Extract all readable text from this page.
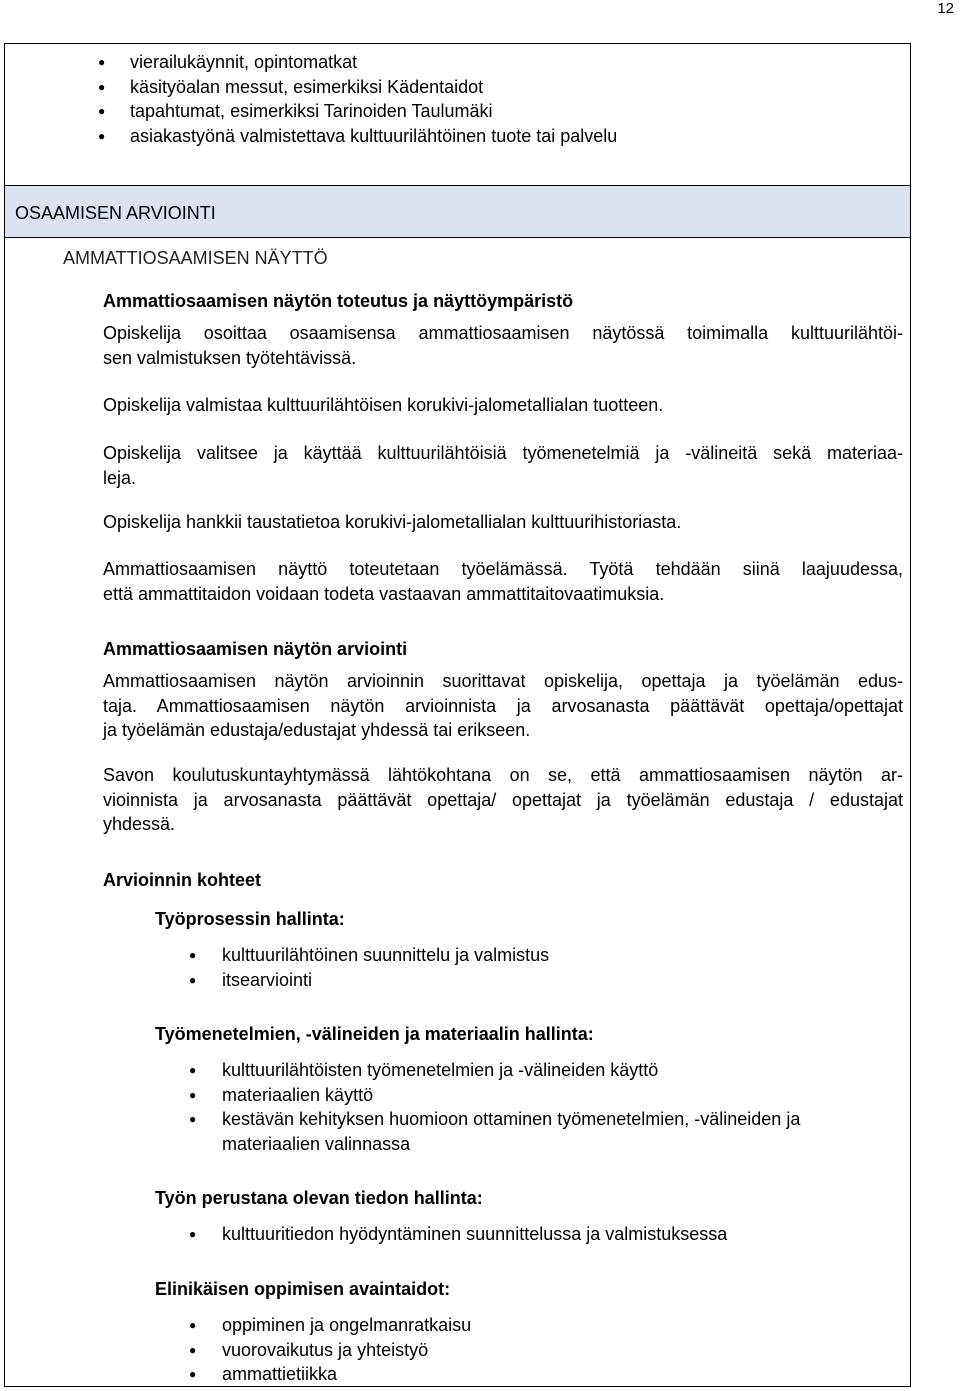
12
● vierailukäynnit, opintomatkat
● käsityöalan messut, esimerkiksi Kädentaidot
● tapahtumat, esimerkiksi Tarinoiden Taulumäki
● asiakastyönä valmistettava kulttuurilähtöinen tuote tai palvelu
OSAAMISEN ARVIOINTI
AMMATTIOSAAMISEN NÄYTTÖ
Ammattiosaamisen näytön toteutus ja näyttöympäristö
Opiskelija osoittaa osaamisensa ammattiosaamisen näytössä toimimalla kulttuurilähtöi-
sen valmistuksen työtehtävissä.
Opiskelija valmistaa kulttuurilähtöisen korukivi-jalometallialan tuotteen.
Opiskelija valitsee ja käyttää kulttuurilähtöisiä työmenetelmiä ja -välineitä sekä materiaa-
leja.
Opiskelija hankkii taustatietoa korukivi-jalometallialan kulttuurihistoriasta.
Ammattiosaamisen näyttö toteutetaan työelämässä. Työtä tehdään siinä laajuudessa,
että ammattitaidon voidaan todeta vastaavan ammattitaitovaatimuksia.
Ammattiosaamisen näytön arviointi
Ammattiosaamisen näytön arvioinnin suorittavat opiskelija, opettaja ja työelämän edus-
taja. Ammattiosaamisen näytön arvioinnista ja arvosanasta päättävät opettaja/opettajat
ja työelämän edustaja/edustajat yhdessä tai erikseen.
Savon koulutuskuntayhtymässä lähtökohtana on se, että ammattiosaamisen näytön ar-
vioinnista ja arvosanasta päättävät opettaja/ opettajat ja työelämän edustaja / edustajat
yhdessä.
Arvioinnin kohteet
Työprosessin hallinta:
● kulttuurilähtöinen suunnittelu ja valmistus
● itsearviointi
Työmenetelmien, -välineiden ja materiaalin hallinta:
● kulttuurilähtöisten työmenetelmien ja -välineiden käyttö
● materiaalien käyttö
● kestävän kehityksen huomioon ottaminen työmenetelmien, -välineiden ja materiaalien valinnassa
Työn perustana olevan tiedon hallinta:
● kulttuuritiedon hyödyntäminen suunnittelussa ja valmistuksessa
Elinikäisen oppimisen avaintaidot:
● oppiminen ja ongelmanratkaisu
● vuorovaikutus ja yhteistyö
● ammattietiikka
